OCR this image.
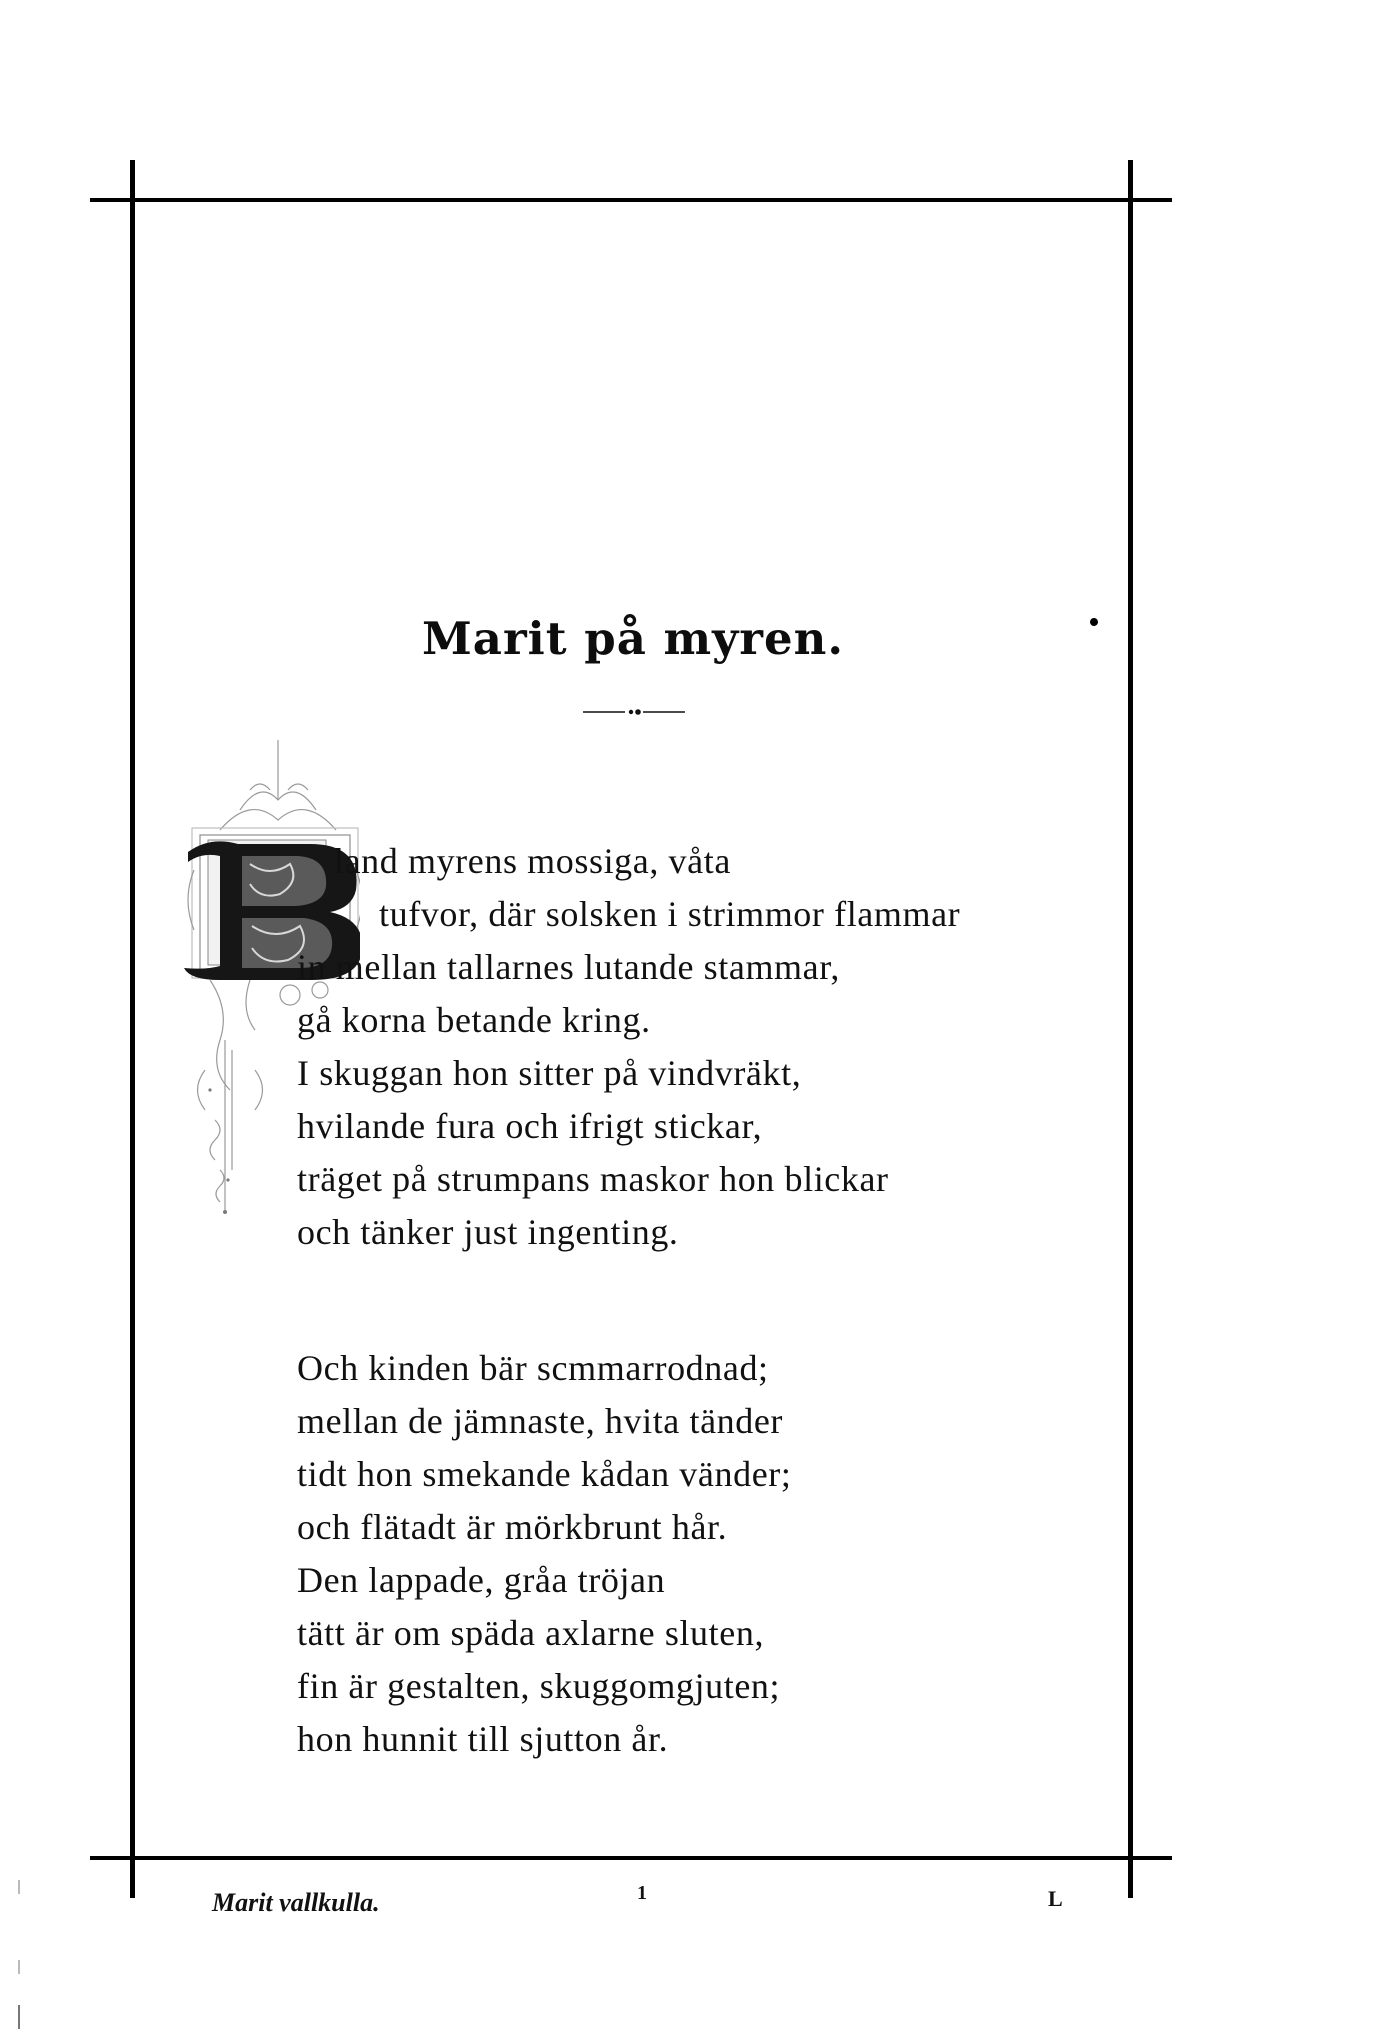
Marit på myren.
land myrens mossiga, våta
tufvor, där solsken i strimmor flammar
in mellan tallarnes lutande stammar,
gå korna betande kring.
I skuggan hon sitter på vindvräkt,
hvilande fura och ifrigt stickar,
träget på strumpans maskor hon blickar
och tänker just ingenting.
Och kinden bär scmmarrodnad;
mellan de jämnaste, hvita tänder
tidt hon smekande kådan vänder;
och flätadt är mörkbrunt hår.
Den lappade, gråa tröjan
tätt är om späda axlarne sluten,
fin är gestalten, skuggomgjuten;
hon hunnit till sjutton år.
Marit vallkulla.	1	L
